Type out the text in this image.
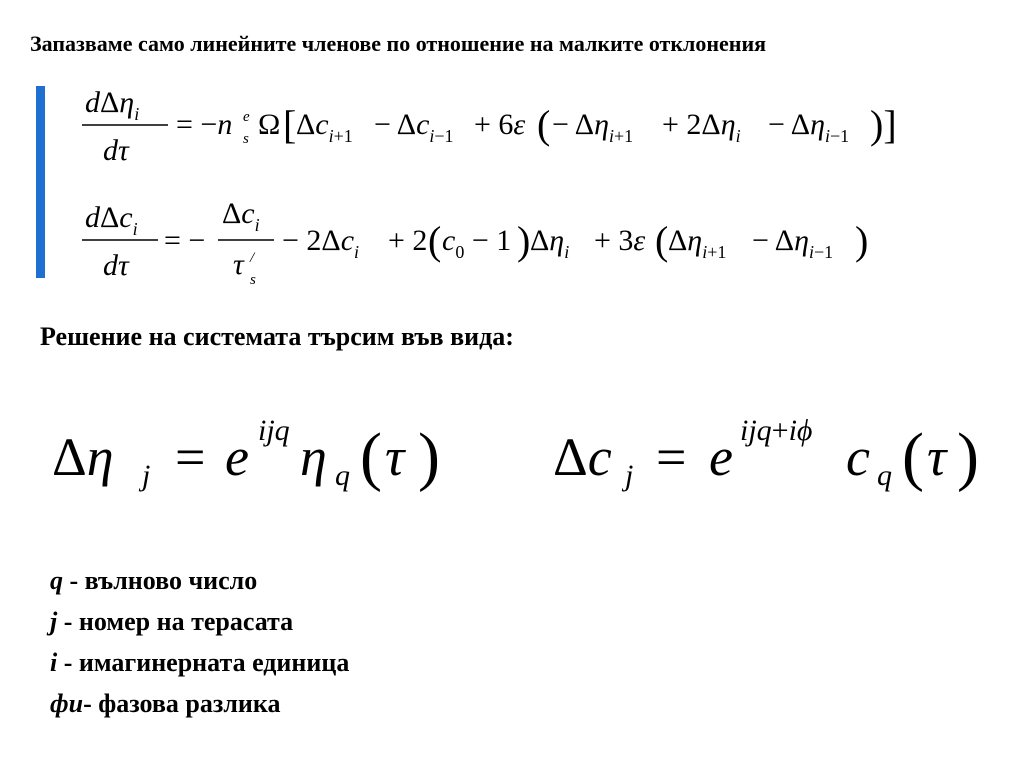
Запазваме само линейните членове по отношение на малките отклонения
dΔη$_i$
dτ
= −n e
s Ω [ $\Delta c_{i+1} - \Delta c_{i-1} + 6\varepsilon$ ( − $\Delta\eta_{i+1} + 2\Delta\eta_i - \Delta\eta_{i-1}$ )]
dΔc$_i$
dτ
= −
$\Delta c_i$
τ /
s
− $2\Delta c_i + 2$ ( $c_0 - 1$ ) $\Delta\eta_i + 3\varepsilon$ ( $\Delta\eta_{i+1} - \Delta\eta_{i-1}$ )
Δη j = e ijq η q ( τ ) Δc j = e ijq+iϕ c q ( τ )
Решение на системата търсим във вида:
q - вълново число
j - номер на терасата
i - имагинерната единица
фи- фазова разлика
